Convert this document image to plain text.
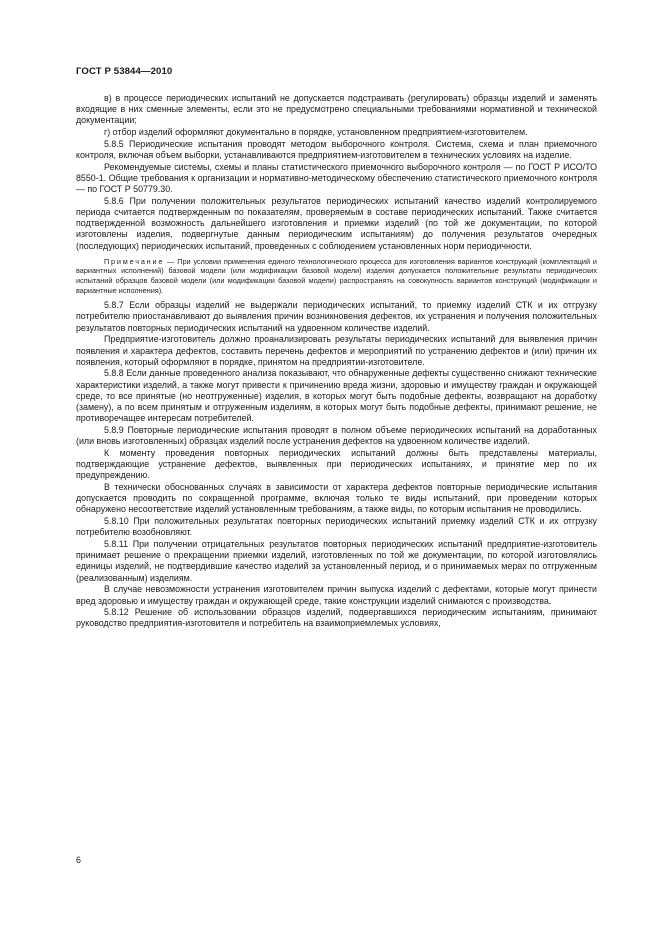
ГОСТ Р 53844—2010

в) в процессе периодических испытаний не допускается подстраивать (регулировать) образцы изделий и заменять входящие в них сменные элементы, если это не предусмотрено специальными требованиями нормативной и технической документации;

г) отбор изделий оформляют документально в порядке, установленном предприятием-изготовителем.

5.8.5 Периодические испытания проводят методом выборочного контроля. Система, схема и план приемочного контроля, включая объем выборки, устанавливаются предприятием-изготовителем в технических условиях на изделие.

Рекомендуемые системы, схемы и планы статистического приемочного выборочного контроля — по ГОСТ Р ИСО/ТО 8550-1. Общие требования к организации и нормативно-методическому обеспечению статистического приемочного контроля — по ГОСТ Р 50779.30.

5.8.6 При получении положительных результатов периодических испытаний качество изделий контролируемого периода считается подтвержденным по показателям, проверяемым в составе периодических испытаний. Также считается подтвержденной возможность дальнейшего изготовления и приемки изделий (по той же документации, по которой изготовлены изделия, подвергнутые данным периодическим испытаниям) до получения результатов очередных (последующих) периодических испытаний, проведенных с соблюдением установленных норм периодичности.

Примечание — При условии применения единого технологического процесса для изготовления вариантов конструкций (комплектаций и вариантных исполнений) базовой модели (или модификации базовой модели) изделия допускается положительные результаты периодических испытаний образцов базовой модели (или модификации базовой модели) распространять на совокупность вариантов конструкций (модификации и вариантные исполнения).

5.8.7 Если образцы изделий не выдержали периодических испытаний, то приемку изделий СТК и их отгрузку потребителю приостанавливают до выявления причин возникновения дефектов, их устранения и получения положительных результатов повторных периодических испытаний на удвоенном количестве изделий.

Предприятие-изготовитель должно проанализировать результаты периодических испытаний для выявления причин появления и характера дефектов, составить перечень дефектов и мероприятий по устранению дефектов и (или) причин их появления, который оформляют в порядке, принятом на предприятии-изготовителе.

5.8.8 Если данные проведенного анализа показывают, что обнаруженные дефекты существенно снижают технические характеристики изделий, а также могут привести к причинению вреда жизни, здоровью и имуществу граждан и окружающей среде, то все принятые (но неотгруженные) изделия, в которых могут быть подобные дефекты, возвращают на доработку (замену), а по всем принятым и отгруженным изделиям, в которых могут быть подобные дефекты, принимают решение, не противоречащее интересам потребителей.

5.8.9 Повторные периодические испытания проводят в полном объеме периодических испытаний на доработанных (или вновь изготовленных) образцах изделий после устранения дефектов на удвоенном количестве изделий.

К моменту проведения повторных периодических испытаний должны быть представлены материалы, подтверждающие устранение дефектов, выявленных при периодических испытаниях, и принятие мер по их предупреждению.

В технически обоснованных случаях в зависимости от характера дефектов повторные периодические испытания допускается проводить по сокращенной программе, включая только те виды испытаний, при проведении которых обнаружено несоответствие изделий установленным требованиям, а также виды, по которым испытания не проводились.

5.8.10 При положительных результатах повторных периодических испытаний приемку изделий СТК и их отгрузку потребителю возобновляют.

5.8.11 При получении отрицательных результатов повторных периодических испытаний предприятие-изготовитель принимает решение о прекращении приемки изделий, изготовленных по той же документации, по которой изготовлялись единицы изделий, не подтвердившие качество изделий за установленный период, и о принимаемых мерах по отгруженным (реализованным) изделиям.

В случае невозможности устранения изготовителем причин выпуска изделий с дефектами, которые могут принести вред здоровью и имуществу граждан и окружающей среде, такие конструкции изделий снимаются с производства.

5.8.12 Решение об использовании образцов изделий, подвергавшихся периодическим испытаниям, принимают руководство предприятия-изготовителя и потребитель на взаимоприемлемых условиях,

6
